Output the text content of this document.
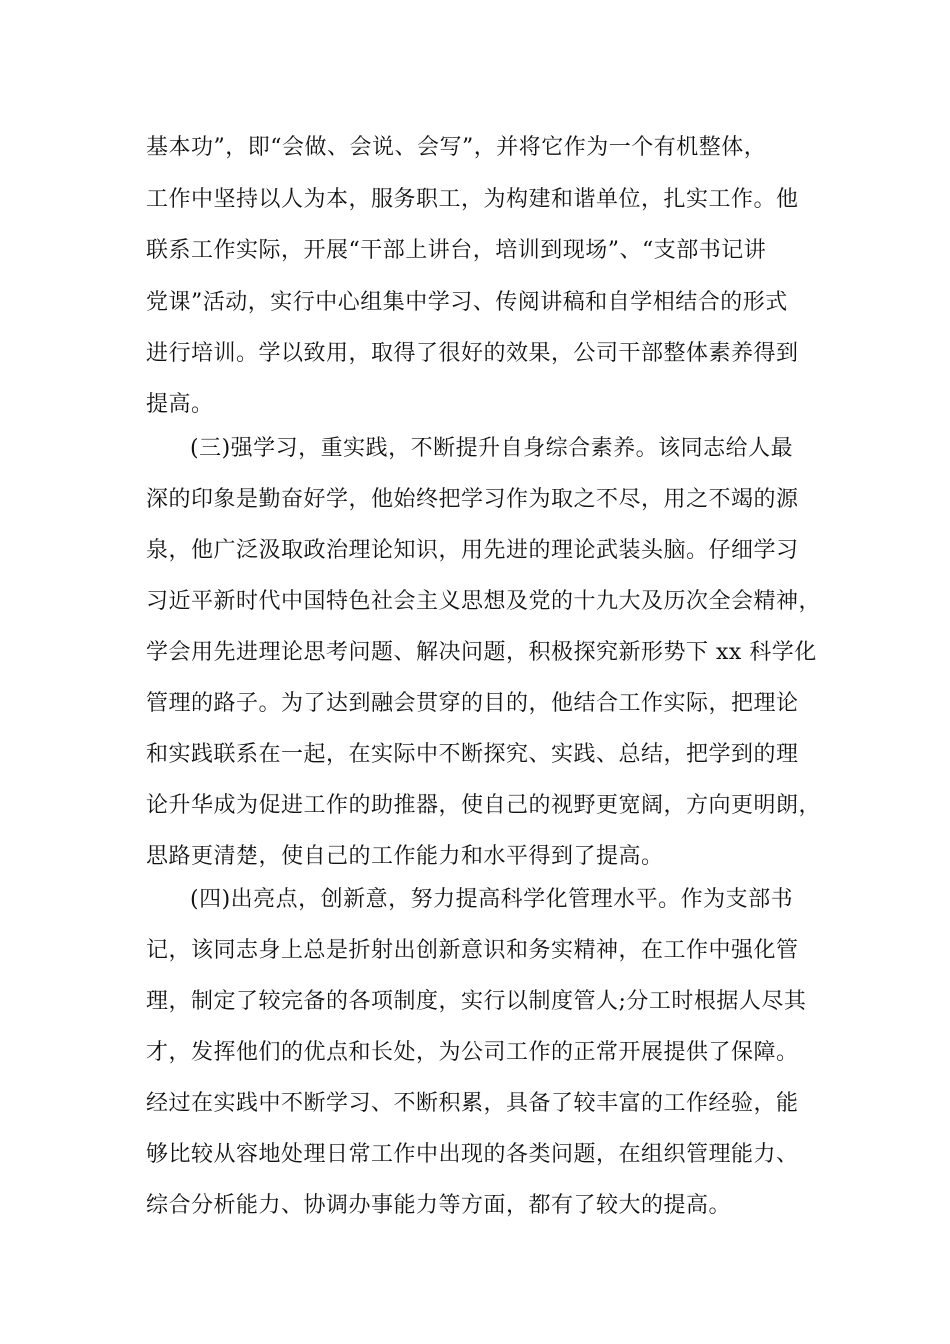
基本功”，即“会做、会说、会写”，并将它作为一个有机整体，
工作中坚持以人为本，服务职工，为构建和谐单位，扎实工作。他
联系工作实际，开展“干部上讲台，培训到现场”、“支部书记讲
党课”活动，实行中心组集中学习、传阅讲稿和自学相结合的形式
进行培训。学以致用，取得了很好的效果，公司干部整体素养得到
提高。
(三)强学习，重实践，不断提升自身综合素养。该同志给人最
深的印象是勤奋好学，他始终把学习作为取之不尽，用之不竭的源
泉，他广泛汲取政治理论知识，用先进的理论武装头脑。仔细学习
习近平新时代中国特色社会主义思想及党的十九大及历次全会精神，
学会用先进理论思考问题、解决问题，积极探究新形势下 xx 科学化
管理的路子。为了达到融会贯穿的目的，他结合工作实际，把理论
和实践联系在一起，在实际中不断探究、实践、总结，把学到的理
论升华成为促进工作的助推器，使自己的视野更宽阔，方向更明朗，
思路更清楚，使自己的工作能力和水平得到了提高。
(四)出亮点，创新意，努力提高科学化管理水平。作为支部书
记，该同志身上总是折射出创新意识和务实精神，在工作中强化管
理，制定了较完备的各项制度，实行以制度管人;分工时根据人尽其
才，发挥他们的优点和长处，为公司工作的正常开展提供了保障。
经过在实践中不断学习、不断积累，具备了较丰富的工作经验，能
够比较从容地处理日常工作中出现的各类问题，在组织管理能力、
综合分析能力、协调办事能力等方面，都有了较大的提高。
